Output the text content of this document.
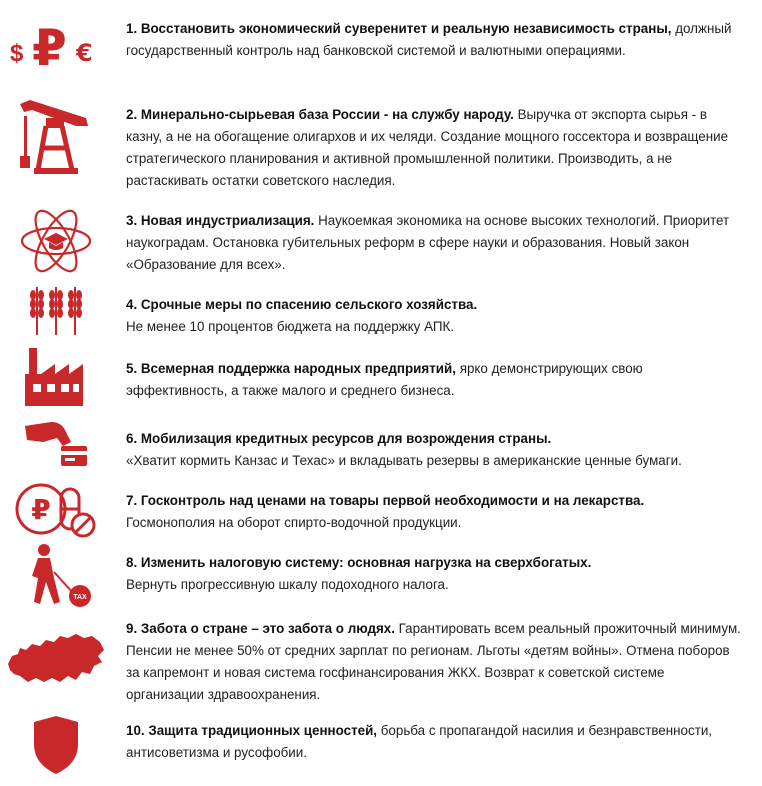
$ ₽ €
1. Восстановить экономический суверенитет и реальную независимость страны, должный государственный контроль над банковской системой и валютными операциями.
2. Минерально-сырьевая база России - на службу народу. Выручка от экспорта сырья - в казну, а не на обогащение олигархов и их челяди. Создание мощного госсектора и возвращение стратегического планирования и активной промышленной политики. Производить, а не растаскивать остатки советского наследия.
3. Новая индустриализация. Наукоемкая экономика на основе высоких технологий. Приоритет наукоградам. Остановка губительных реформ в сфере науки и образования. Новый закон «Образование для всех».
4. Срочные меры по спасению сельского хозяйства.
Не менее 10 процентов бюджета на поддержку АПК.
5. Всемерная поддержка народных предприятий, ярко демонстрирующих свою эффективность, а также малого и среднего бизнеса.
6. Мобилизация кредитных ресурсов для возрождения страны.
«Хватит кормить Канзас и Техас» и вкладывать резервы в американские ценные бумаги.
₽	7. Госконтроль над ценами на товары первой необходимости и на лекарства.
Госмонополия на оборот спирто-водочной продукции.
TAX
8. Изменить налоговую систему: основная нагрузка на сверхбогатых.
Вернуть прогрессивную шкалу подоходного налога.
9. Забота о стране – это забота о людях. Гарантировать всем реальный прожиточный минимум. Пенсии не менее 50% от средних зарплат по регионам. Льготы «детям войны». Отмена поборов за капремонт и новая система госфинансирования ЖКХ. Возврат к советской системе организации здравоохранения.
10. Защита традиционных ценностей, борьба с пропагандой насилия и безнравственности, антисоветизма и русофобии.
